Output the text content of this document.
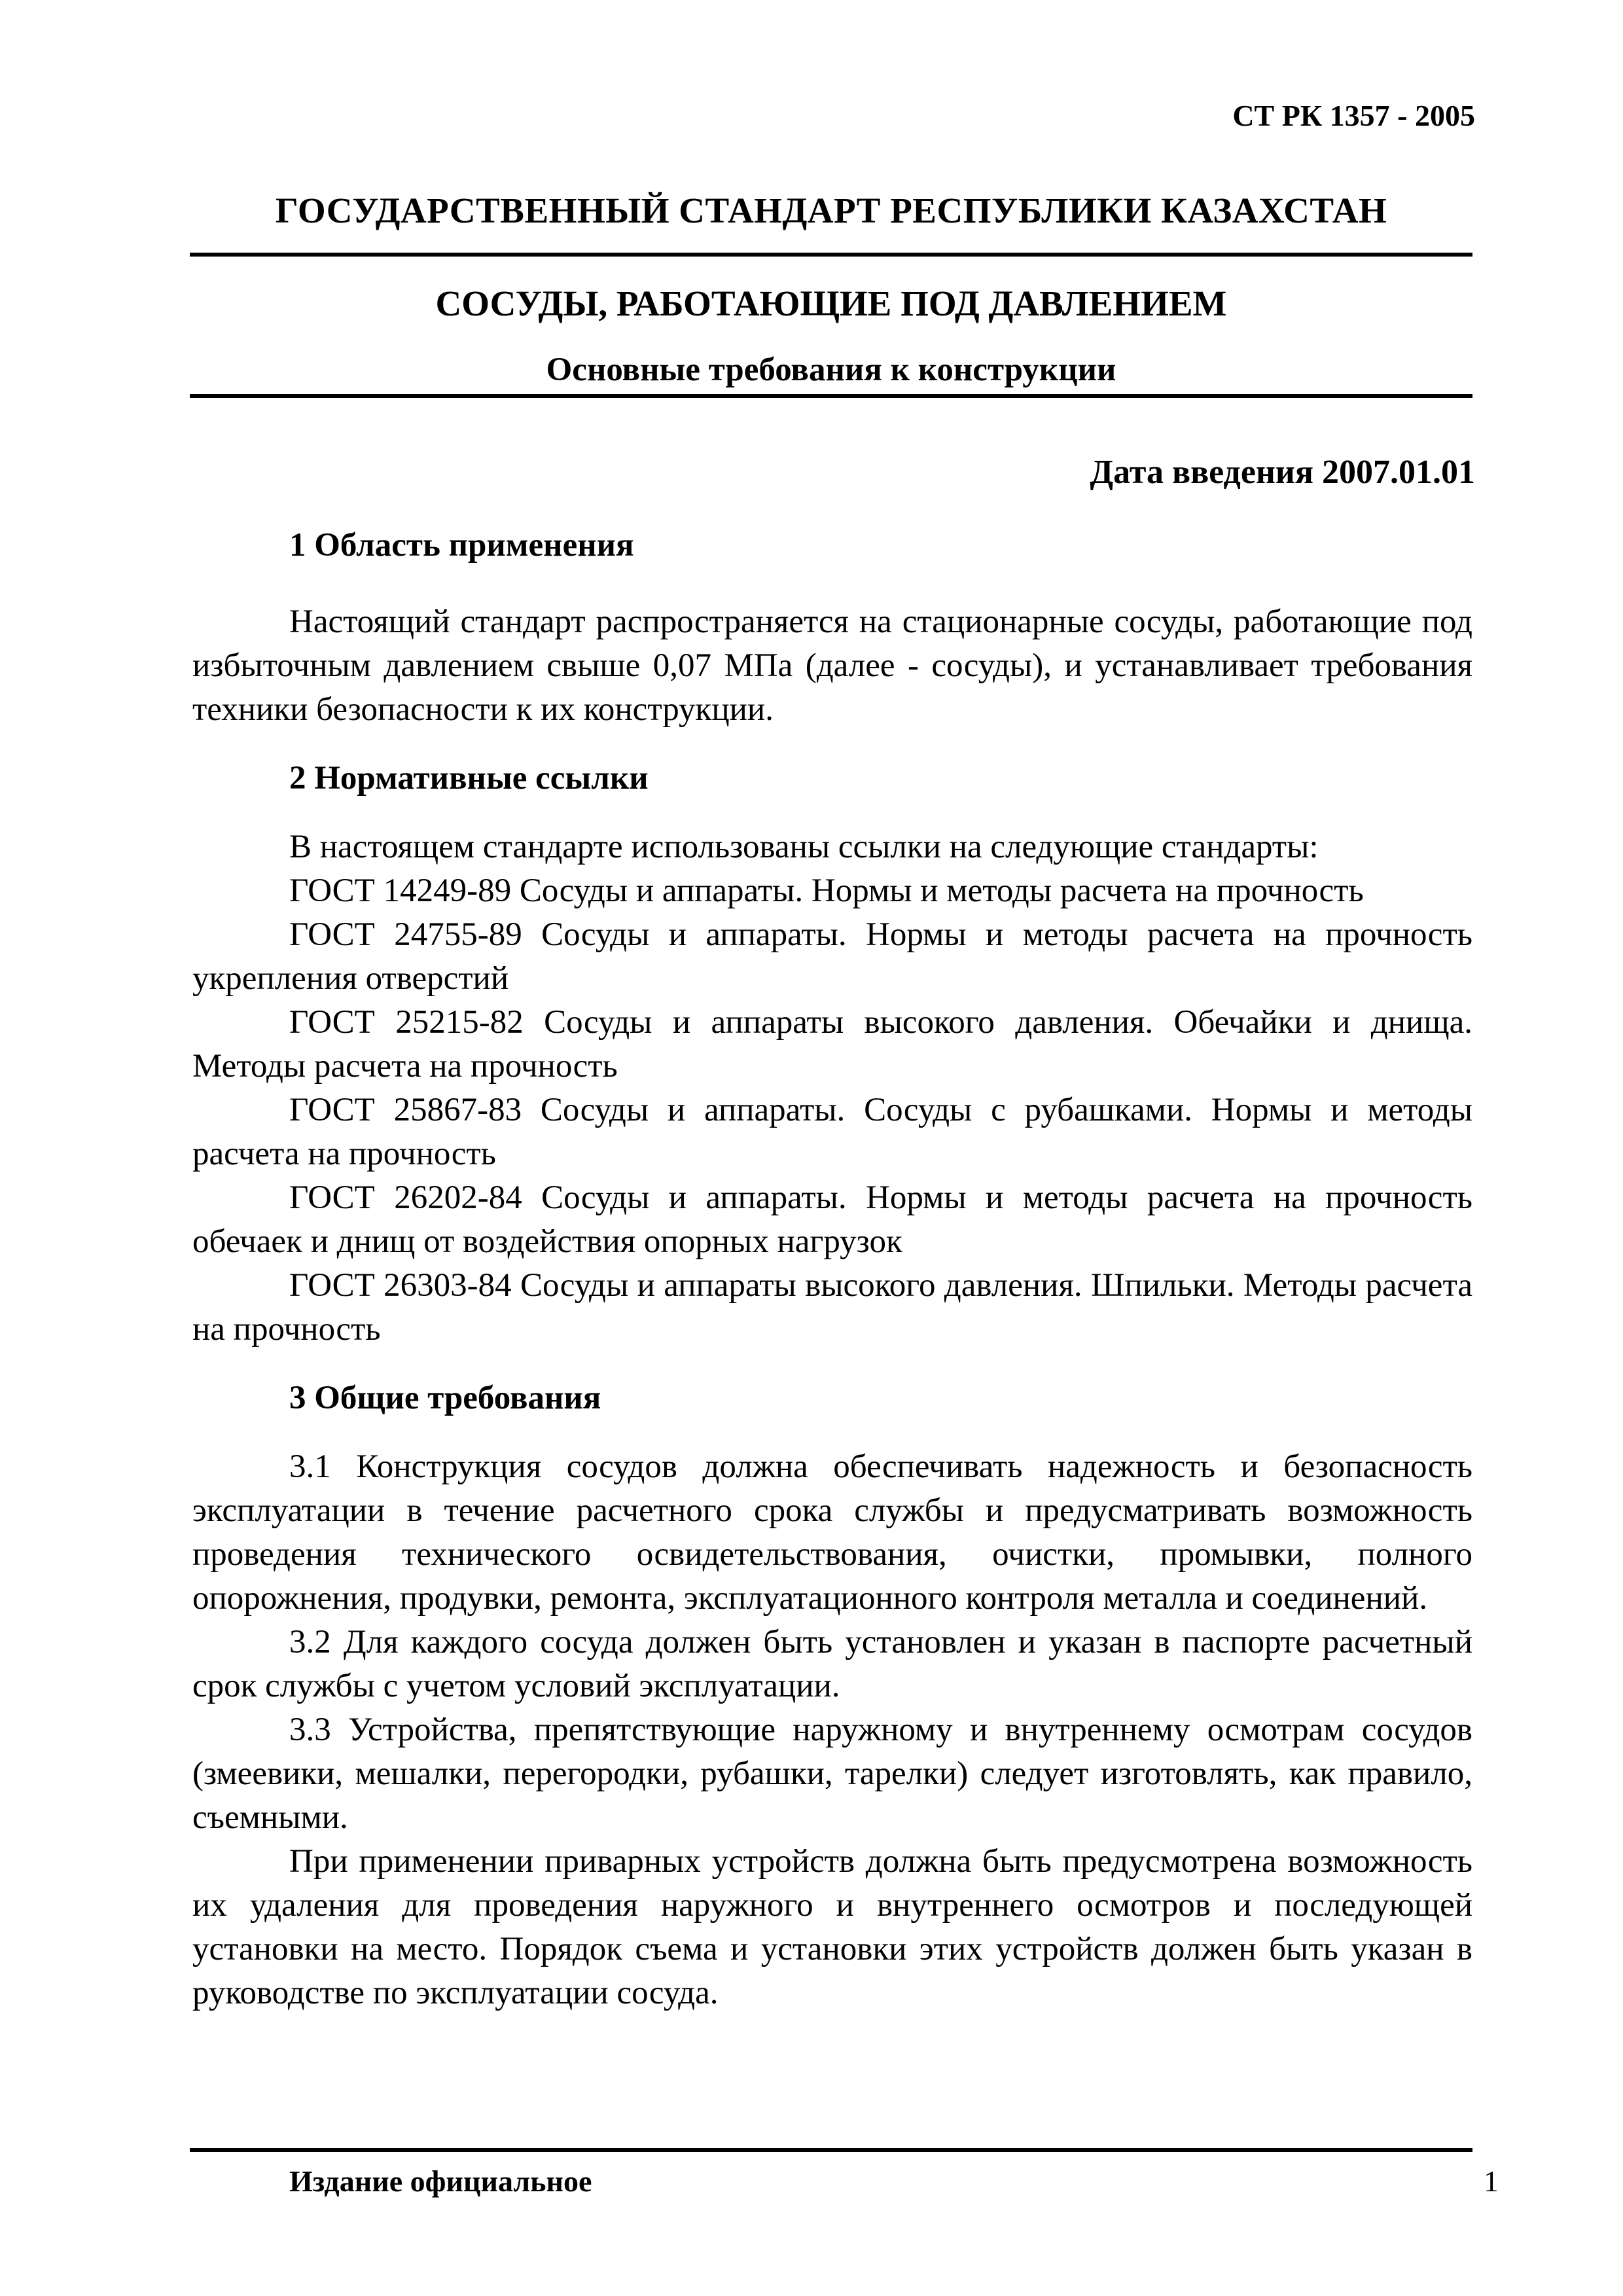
СТ РК 1357 - 2005
ГОСУДАРСТВЕННЫЙ СТАНДАРТ РЕСПУБЛИКИ КАЗАХСТАН
СОСУДЫ, РАБОТАЮЩИЕ ПОД ДАВЛЕНИЕМ
Основные требования к конструкции
Дата введения 2007.01.01

1 Область применения

Настоящий стандарт распространяется на стационарные сосуды, работающие под избыточным давлением свыше 0,07 МПа (далее - сосуды), и устанавливает требования техники безопасности к их конструкции.

2 Нормативные ссылки

В настоящем стандарте использованы ссылки на следующие стандарты:

ГОСТ 14249-89 Сосуды и аппараты. Нормы и методы расчета на прочность

ГОСТ 24755-89 Сосуды и аппараты. Нормы и методы расчета на прочность укрепления отверстий

ГОСТ 25215-82 Сосуды и аппараты высокого давления. Обечайки и днища. Методы расчета на прочность

ГОСТ 25867-83 Сосуды и аппараты. Сосуды с рубашками. Нормы и методы расчета на прочность

ГОСТ 26202-84 Сосуды и аппараты. Нормы и методы расчета на прочность обечаек и днищ от воздействия опорных нагрузок

ГОСТ 26303-84 Сосуды и аппараты высокого давления. Шпильки. Методы расчета на прочность

3 Общие требования

3.1 Конструкция сосудов должна обеспечивать надежность и безопасность эксплуатации в течение расчетного срока службы и предусматривать возможность проведения технического освидетельствования, очистки, промывки, полного опорожнения, продувки, ремонта, эксплуатационного контроля металла и соединений.

3.2 Для каждого сосуда должен быть установлен и указан в паспорте расчетный срок службы с учетом условий эксплуатации.

3.3 Устройства, препятствующие наружному и внутреннему осмотрам сосудов (змеевики, мешалки, перегородки, рубашки, тарелки) следует изготовлять, как правило, съемными.

При применении приварных устройств должна быть предусмотрена возможность их удаления для проведения наружного и внутреннего осмотров и последующей установки на место. Порядок съема и установки этих устройств должен быть указан в руководстве по эксплуатации сосуда.

Издание официальное	1
